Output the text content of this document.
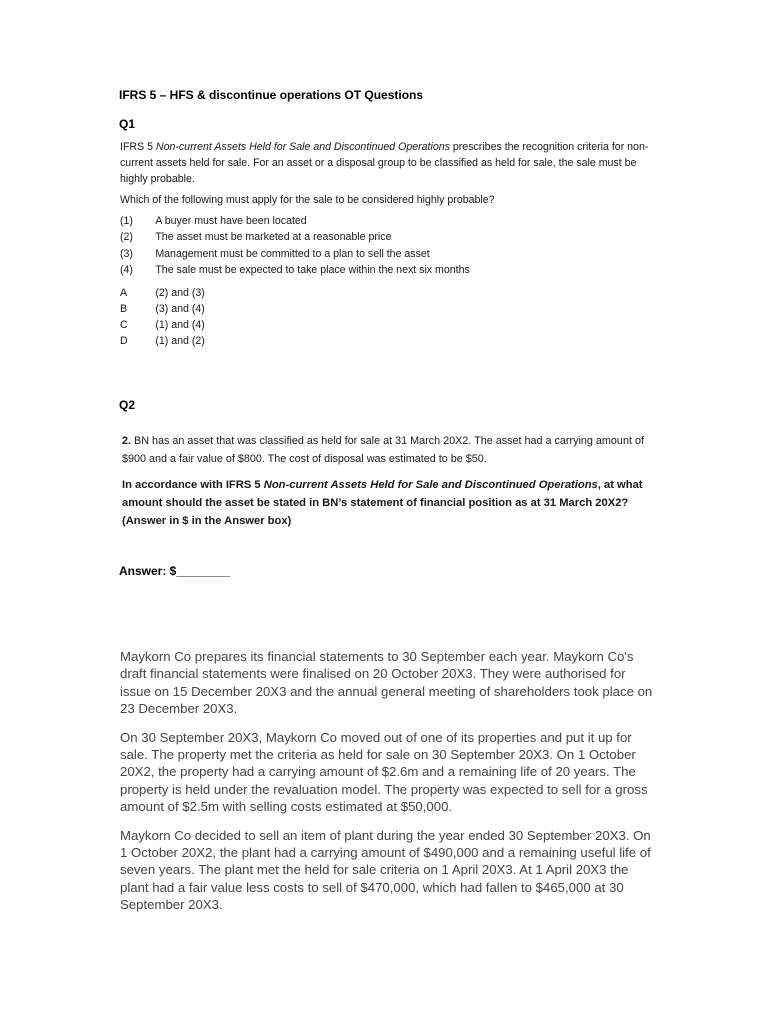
IFRS 5 – HFS & discontinue operations OT Questions
Q1

IFRS 5 Non-current Assets Held for Sale and Discontinued Operations prescribes the recognition criteria for non-current assets held for sale. For an asset or a disposal group to be classified as held for sale, the sale must be highly probable.

Which of the following must apply for the sale to be considered highly probable?

(1)	A buyer must have been located
(2)	The asset must be marketed at a reasonable price
(3)	Management must be committed to a plan to sell the asset
(4)	The sale must be expected to take place within the next six months
A	(2) and (3)
B	(3) and (4)
C	(1) and (4)
D	(1) and (2)
Q2

2. BN has an asset that was classified as held for sale at 31 March 20X2. The asset had a carrying amount of $900 and a fair value of $800. The cost of disposal was estimated to be $50.

In accordance with IFRS 5 Non-current Assets Held for Sale and Discontinued Operations, at what amount should the asset be stated in BN’s statement of financial position as at 31 March 20X2? (Answer in $ in the Answer box)

Answer: $________

Maykorn Co prepares its financial statements to 30 September each year. Maykorn Co's draft financial statements were finalised on 20 October 20X3. They were authorised for issue on 15 December 20X3 and the annual general meeting of shareholders took place on 23 December 20X3.

On 30 September 20X3, Maykorn Co moved out of one of its properties and put it up for sale. The property met the criteria as held for sale on 30 September 20X3. On 1 October 20X2, the property had a carrying amount of $2.6m and a remaining life of 20 years. The property is held under the revaluation model. The property was expected to sell for a gross amount of $2.5m with selling costs estimated at $50,000.

Maykorn Co decided to sell an item of plant during the year ended 30 September 20X3. On 1 October 20X2, the plant had a carrying amount of $490,000 and a remaining useful life of seven years. The plant met the held for sale criteria on 1 April 20X3. At 1 April 20X3 the plant had a fair value less costs to sell of $470,000, which had fallen to $465,000 at 30 September 20X3.
